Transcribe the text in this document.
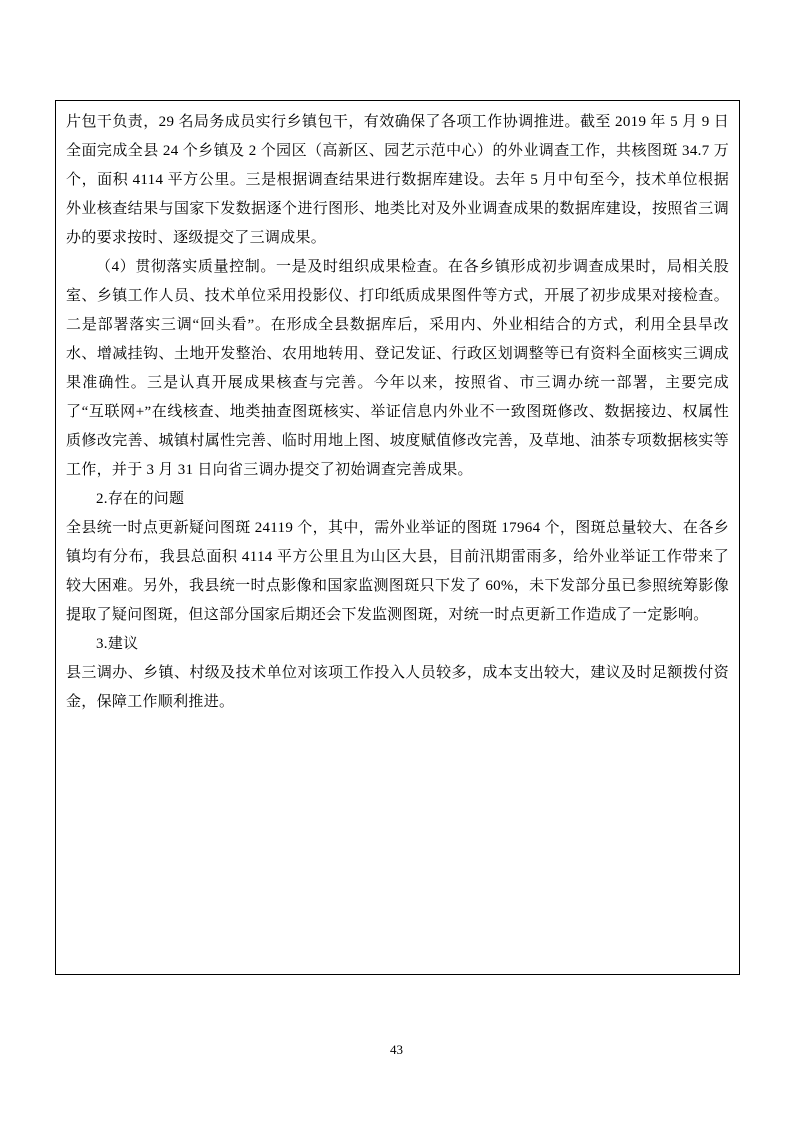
片包干负责，29 名局务成员实行乡镇包干，有效确保了各项工作协调推进。截至 2019 年 5 月 9 日全面完成全县 24 个乡镇及 2 个园区（高新区、园艺示范中心）的外业调查工作，共核图斑 34.7 万个，面积 4114 平方公里。三是根据调查结果进行数据库建设。去年 5 月中旬至今，技术单位根据外业核查结果与国家下发数据逐个进行图形、地类比对及外业调查成果的数据库建设，按照省三调办的要求按时、逐级提交了三调成果。

（4）贯彻落实质量控制。一是及时组织成果检查。在各乡镇形成初步调查成果时，局相关股室、乡镇工作人员、技术单位采用投影仪、打印纸质成果图件等方式，开展了初步成果对接检查。二是部署落实三调“回头看”。在形成全县数据库后，采用内、外业相结合的方式，利用全县旱改水、增减挂钩、土地开发整治、农用地转用、登记发证、行政区划调整等已有资料全面核实三调成果准确性。三是认真开展成果核查与完善。今年以来，按照省、市三调办统一部署，主要完成了“互联网+”在线核查、地类抽查图斑核实、举证信息内外业不一致图斑修改、数据接边、权属性质修改完善、城镇村属性完善、临时用地上图、坡度赋值修改完善，及草地、油茶专项数据核实等工作，并于 3 月 31 日向省三调办提交了初始调查完善成果。

2.存在的问题

全县统一时点更新疑问图斑 24119 个，其中，需外业举证的图斑 17964 个，图斑总量较大、在各乡镇均有分布，我县总面积 4114 平方公里且为山区大县，目前汛期雷雨多，给外业举证工作带来了较大困难。另外，我县统一时点影像和国家监测图斑只下发了 60%，未下发部分虽已参照统筹影像提取了疑问图斑，但这部分国家后期还会下发监测图斑，对统一时点更新工作造成了一定影响。

3.建议

县三调办、乡镇、村级及技术单位对该项工作投入人员较多，成本支出较大，建议及时足额拨付资金，保障工作顺利推进。

43
